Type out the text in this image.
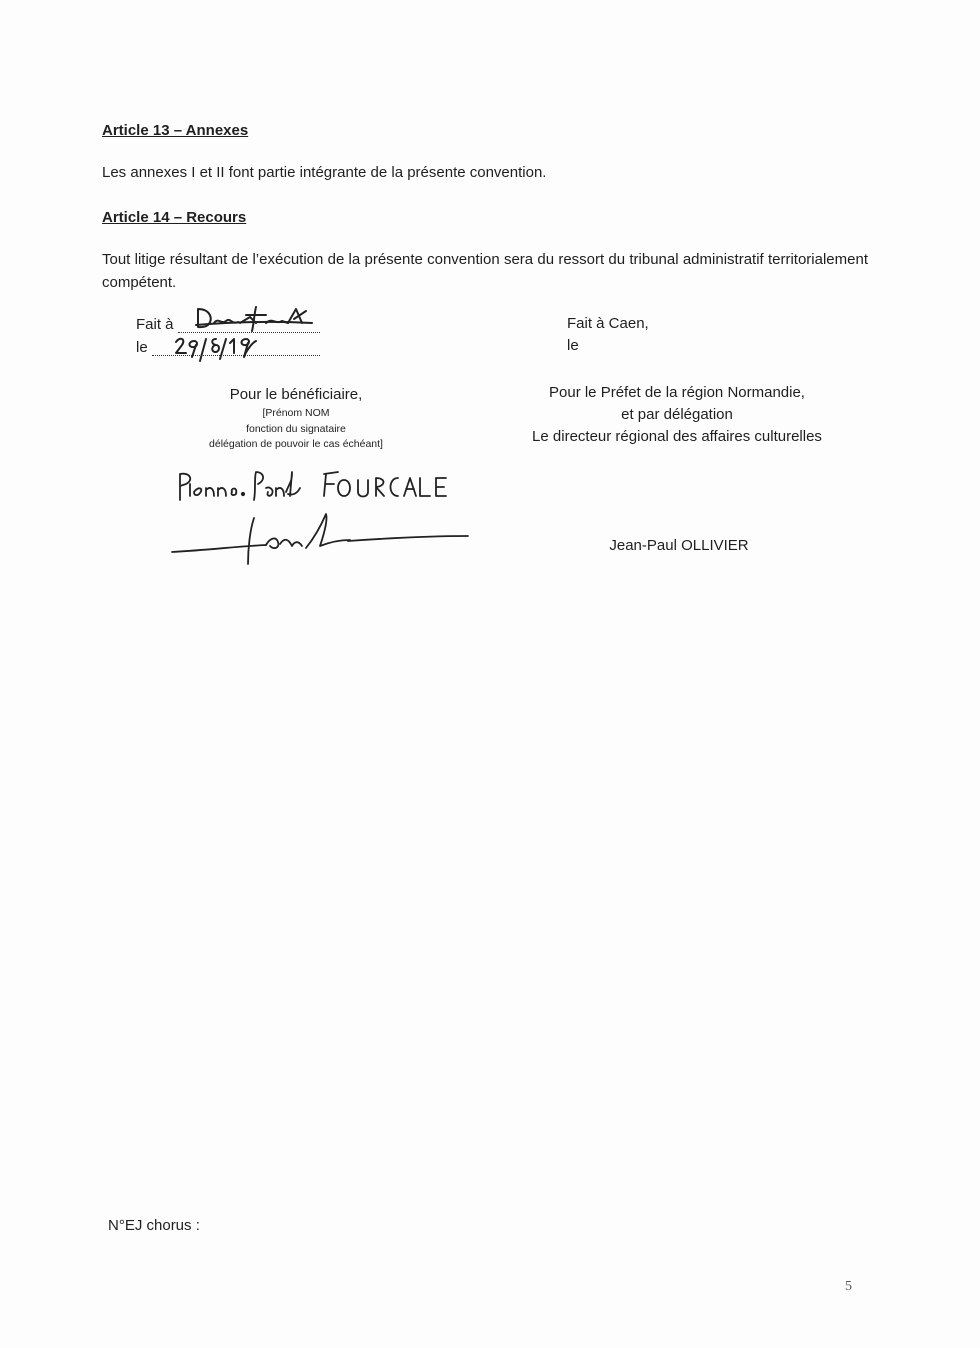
Article 13 – Annexes
Les annexes I et II font partie intégrante de la présente convention.
Article 14 – Recours
Tout litige résultant de l’exécution de la présente convention sera du ressort du tribunal administratif territorialement compétent.
Fait à
le
Pour le bénéficiaire,
[Prénom NOM
fonction du signataire
délégation de pouvoir le cas échéant]
Fait à Caen,
le
Pour le Préfet de la région Normandie,
et par délégation
Le directeur régional des affaires culturelles
Jean-Paul OLLIVIER
N°EJ chorus :
5
